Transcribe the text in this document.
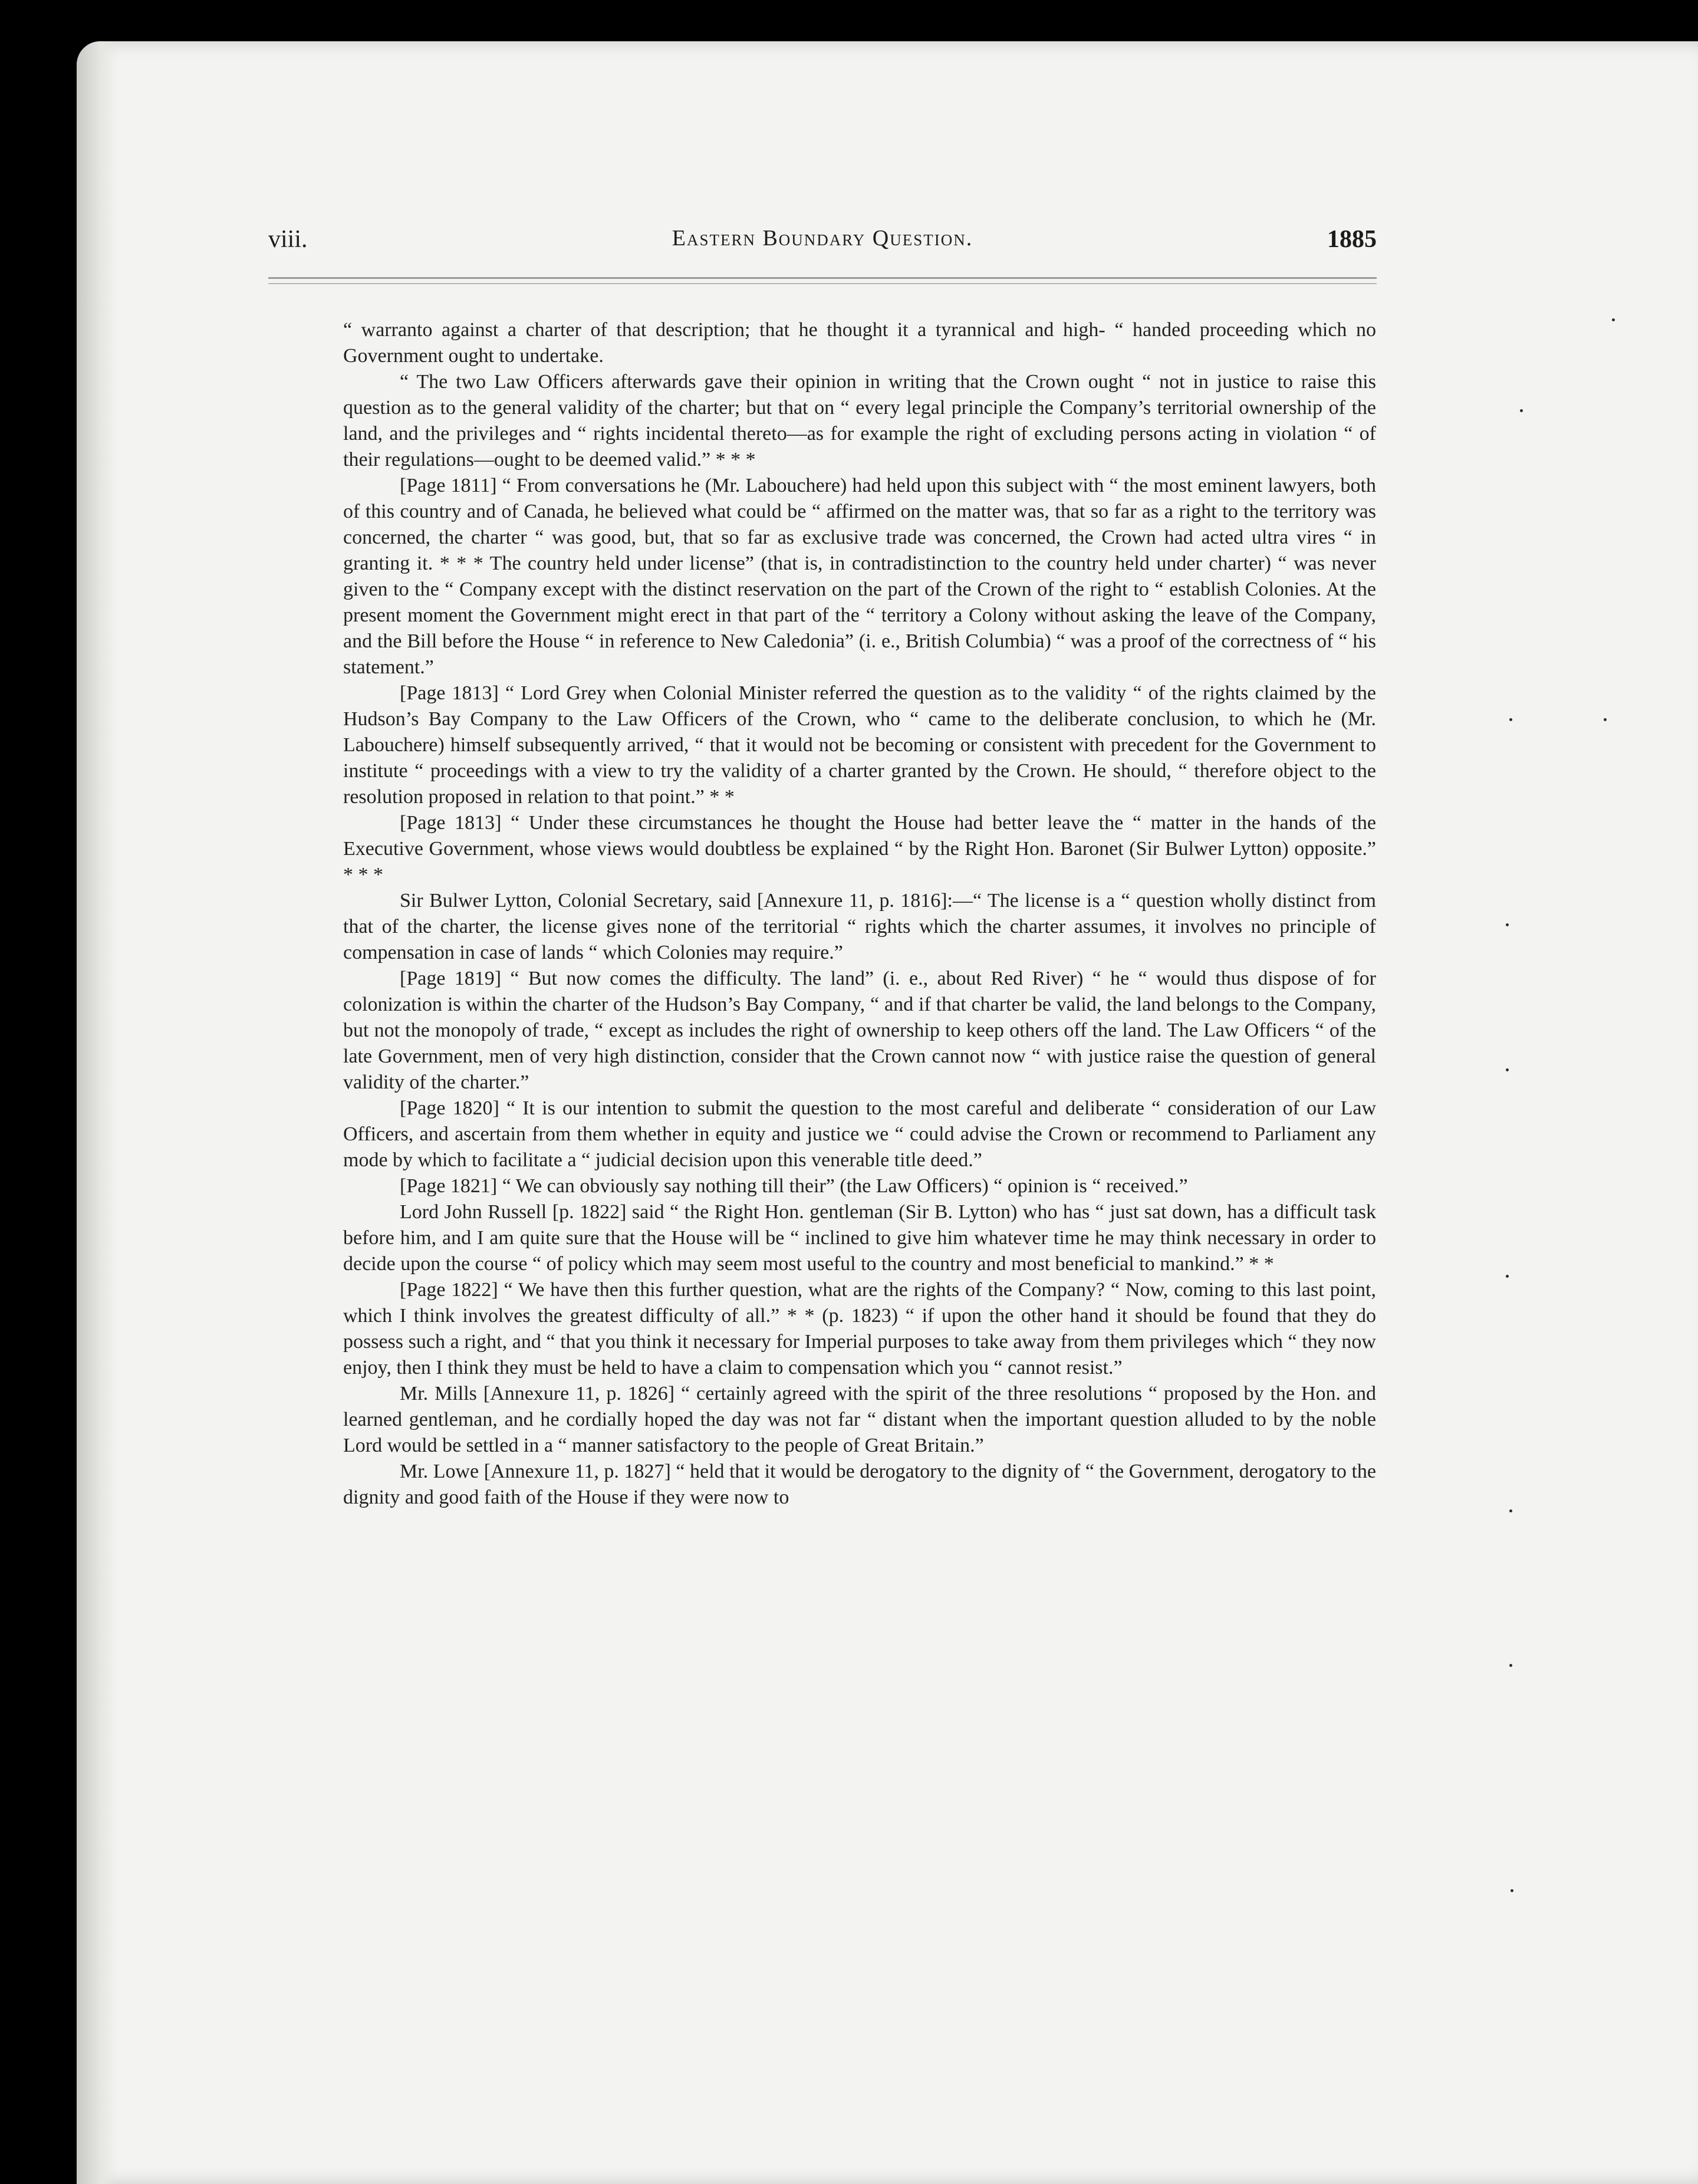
viii.	Eastern Boundary Question.	1885

“ warranto against a charter of that description; that he thought it a tyrannical and high- “ handed proceeding which no Government ought to undertake.

“ The two Law Officers afterwards gave their opinion in writing that the Crown ought “ not in justice to raise this question as to the general validity of the charter; but that on “ every legal principle the Company’s territorial ownership of the land, and the privileges and “ rights incidental thereto—as for example the right of excluding persons acting in violation “ of their regulations—ought to be deemed valid.” * * *

[Page 1811] “ From conversations he (Mr. Labouchere) had held upon this subject with “ the most eminent lawyers, both of this country and of Canada, he believed what could be “ affirmed on the matter was, that so far as a right to the territory was concerned, the charter “ was good, but, that so far as exclusive trade was concerned, the Crown had acted ultra vires “ in granting it. * * * The country held under license” (that is, in contradistinction to the country held under charter) “ was never given to the “ Company except with the distinct reservation on the part of the Crown of the right to “ establish Colonies. At the present moment the Government might erect in that part of the “ territory a Colony without asking the leave of the Company, and the Bill before the House “ in reference to New Caledonia” (i. e., British Columbia) “ was a proof of the correctness of “ his statement.”

[Page 1813] “ Lord Grey when Colonial Minister referred the question as to the validity “ of the rights claimed by the Hudson’s Bay Company to the Law Officers of the Crown, who “ came to the deliberate conclusion, to which he (Mr. Labouchere) himself subsequently arrived, “ that it would not be becoming or consistent with precedent for the Government to institute “ proceedings with a view to try the validity of a charter granted by the Crown. He should, “ therefore object to the resolution proposed in relation to that point.” * *

[Page 1813] “ Under these circumstances he thought the House had better leave the “ matter in the hands of the Executive Government, whose views would doubtless be explained “ by the Right Hon. Baronet (Sir Bulwer Lytton) opposite.” * * *

Sir Bulwer Lytton, Colonial Secretary, said [Annexure 11, p. 1816]:—“ The license is a “ question wholly distinct from that of the charter, the license gives none of the territorial “ rights which the charter assumes, it involves no principle of compensation in case of lands “ which Colonies may require.”

[Page 1819] “ But now comes the difficulty. The land” (i. e., about Red River) “ he “ would thus dispose of for colonization is within the charter of the Hudson’s Bay Company, “ and if that charter be valid, the land belongs to the Company, but not the monopoly of trade, “ except as includes the right of ownership to keep others off the land. The Law Officers “ of the late Government, men of very high distinction, consider that the Crown cannot now “ with justice raise the question of general validity of the charter.”

[Page 1820] “ It is our intention to submit the question to the most careful and deliberate “ consideration of our Law Officers, and ascertain from them whether in equity and justice we “ could advise the Crown or recommend to Parliament any mode by which to facilitate a “ judicial decision upon this venerable title deed.”

[Page 1821] “ We can obviously say nothing till their” (the Law Officers) “ opinion is “ received.”

Lord John Russell [p. 1822] said “ the Right Hon. gentleman (Sir B. Lytton) who has “ just sat down, has a difficult task before him, and I am quite sure that the House will be “ inclined to give him whatever time he may think necessary in order to decide upon the course “ of policy which may seem most useful to the country and most beneficial to mankind.” * *

[Page 1822] “ We have then this further question, what are the rights of the Company? “ Now, coming to this last point, which I think involves the greatest difficulty of all.” * * (p. 1823) “ if upon the other hand it should be found that they do possess such a right, and “ that you think it necessary for Imperial purposes to take away from them privileges which “ they now enjoy, then I think they must be held to have a claim to compensation which you “ cannot resist.”

Mr. Mills [Annexure 11, p. 1826] “ certainly agreed with the spirit of the three resolutions “ proposed by the Hon. and learned gentleman, and he cordially hoped the day was not far “ distant when the important question alluded to by the noble Lord would be settled in a “ manner satisfactory to the people of Great Britain.”

Mr. Lowe [Annexure 11, p. 1827] “ held that it would be derogatory to the dignity of “ the Government, derogatory to the dignity and good faith of the House if they were now to
